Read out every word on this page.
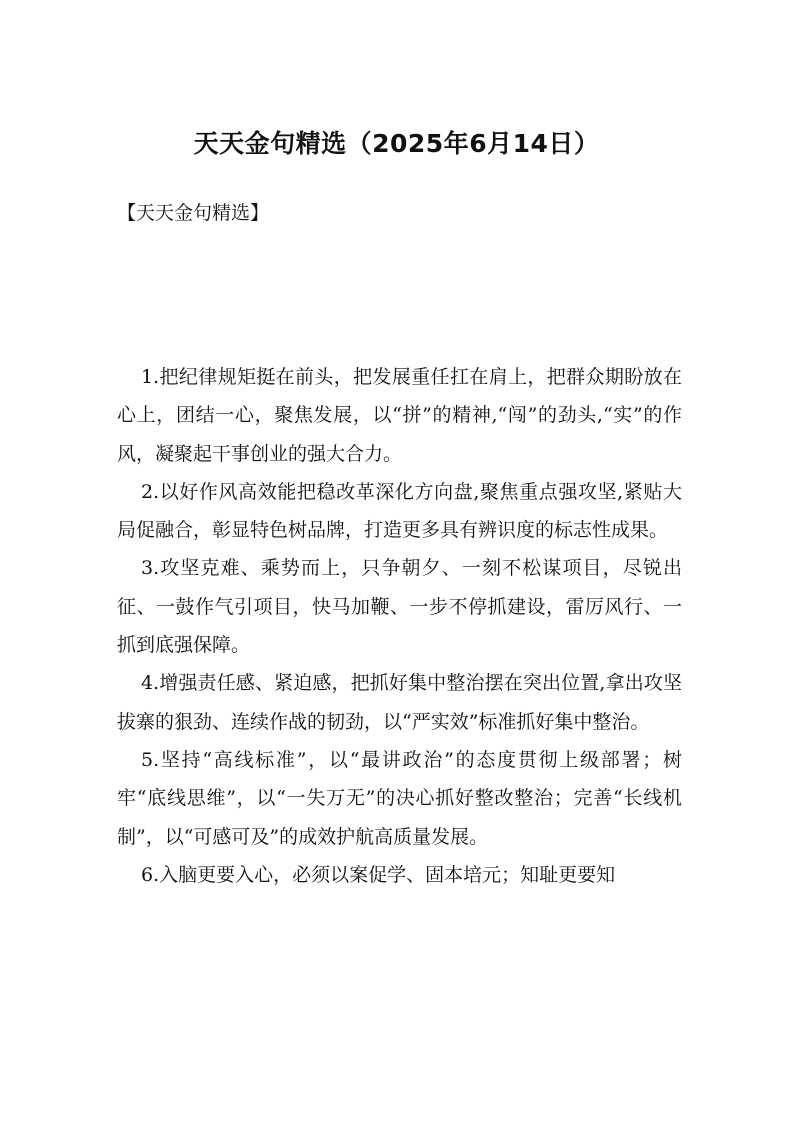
天天金句精选（2025年6月14日）
【天天金句精选】

1.把纪律规矩挺在前头，把发展重任扛在肩上，把群众期盼放在心上，团结一心，聚焦发展，以“拼”的精神,“闯”的劲头,“实”的作风，凝聚起干事创业的强大合力。

2.以好作风高效能把稳改革深化方向盘,聚焦重点强攻坚,紧贴大局促融合，彰显特色树品牌，打造更多具有辨识度的标志性成果。

3.攻坚克难、乘势而上，只争朝夕、一刻不松谋项目，尽锐出征、一鼓作气引项目，快马加鞭、一步不停抓建设，雷厉风行、一抓到底强保障。

4.增强责任感、紧迫感，把抓好集中整治摆在突出位置,拿出攻坚拔寨的狠劲、连续作战的韧劲，以“严实效”标准抓好集中整治。

5.坚持“高线标准”，以“最讲政治”的态度贯彻上级部署；树牢“底线思维”，以“一失万无”的决心抓好整改整治；完善“长线机制”，以“可感可及”的成效护航高质量发展。

6.入脑更要入心，必须以案促学、固本培元；知耻更要知
